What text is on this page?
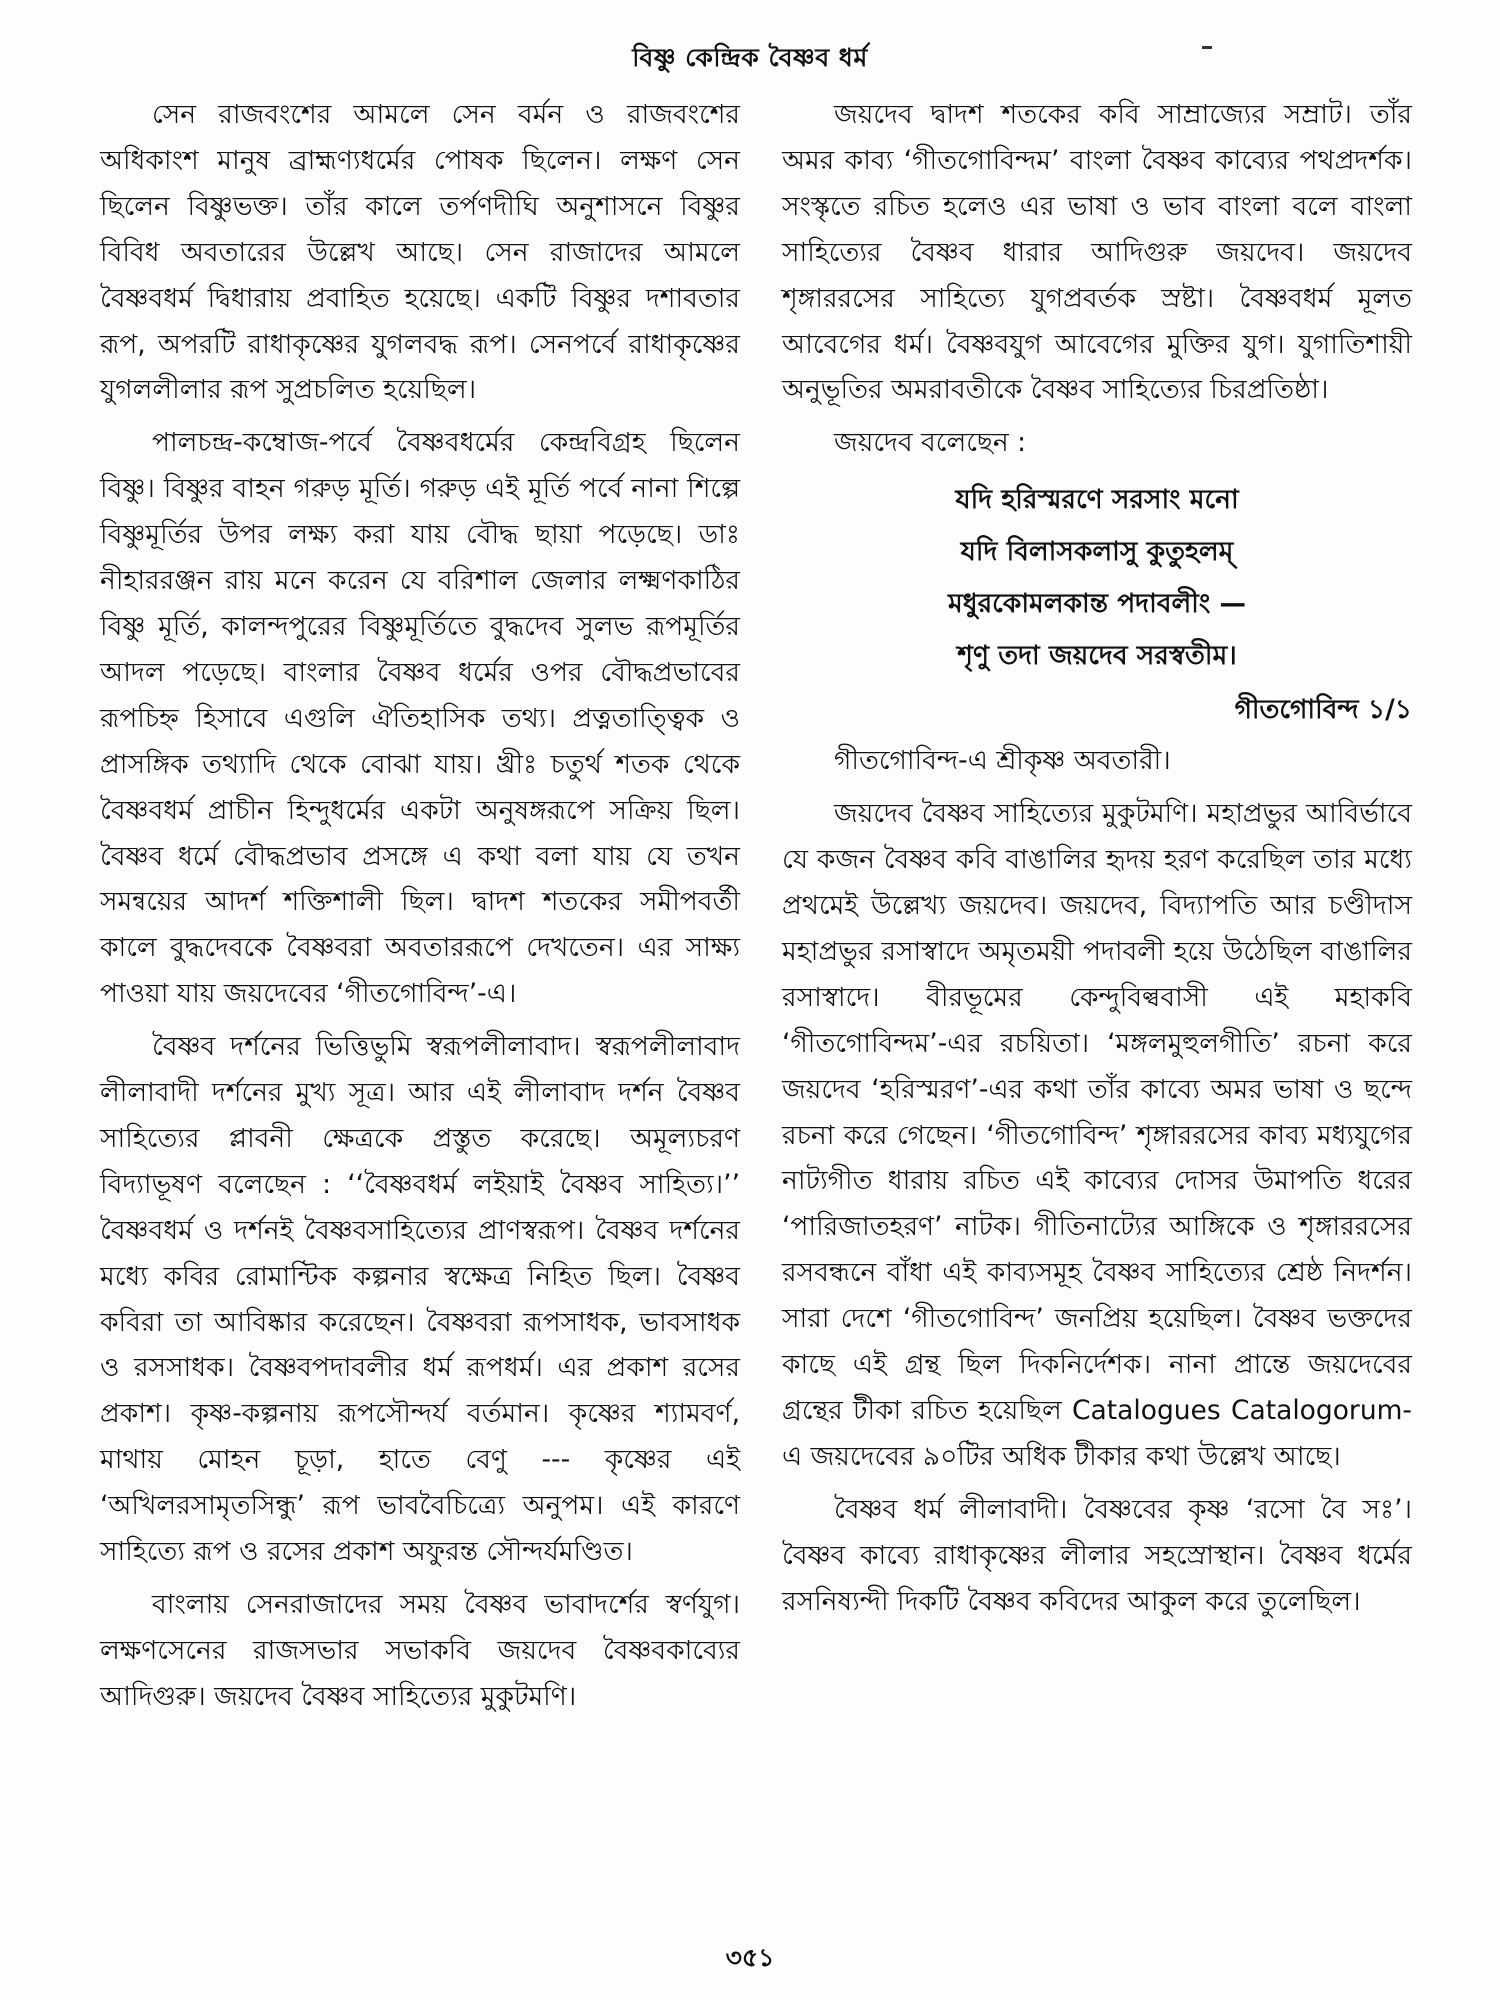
বিষ্ণু কেন্দ্রিক বৈষ্ণব ধর্ম

সেন রাজবংশের আমলে সেন বর্মন ও রাজবংশের অধিকাংশ মানুষ ব্রাহ্মণ্যধর্মের পোষক ছিলেন। লক্ষণ সেন ছিলেন বিষ্ণুভক্ত। তাঁর কালে তর্পণদীঘি অনুশাসনে বিষ্ণুর বিবিধ অবতারের উল্লেখ আছে। সেন রাজাদের আমলে বৈষ্ণবধর্ম দ্বিধারায় প্রবাহিত হয়েছে। একটি বিষ্ণুর দশাবতার রূপ, অপরটি রাধাকৃষ্ণের যুগলবদ্ধ রূপ। সেনপর্বে রাধাকৃষ্ণের যুগললীলার রূপ সুপ্রচলিত হয়েছিল।

পালচন্দ্র-কম্বোজ-পর্বে বৈষ্ণবধর্মের কেন্দ্রবিগ্রহ ছিলেন বিষ্ণু। বিষ্ণুর বাহন গরুড় মূর্তি। গরুড় এই মূর্তি পর্বে নানা শিল্পে বিষ্ণুমূর্তির উপর লক্ষ্য করা যায় বৌদ্ধ ছায়া পড়েছে। ডাঃ নীহাররঞ্জন রায় মনে করেন যে বরিশাল জেলার লক্ষ্মণকাঠির বিষ্ণু মূর্তি, কালন্দপুরের বিষ্ণুমূর্তিতে বুদ্ধদেব সুলভ রূপমূর্তির আদল পড়েছে। বাংলার বৈষ্ণব ধর্মের ওপর বৌদ্ধপ্রভাবের রূপচিহ্ন হিসাবে এগুলি ঐতিহাসিক তথ্য। প্রত্নতাত্ত্বিক ও প্রাসঙ্গিক তথ্যাদি থেকে বোঝা যায়। খ্রীঃ চতুর্থ শতক থেকে বৈষ্ণবধর্ম প্রাচীন হিন্দুধর্মের একটা অনুষঙ্গরূপে সক্রিয় ছিল। বৈষ্ণব ধর্মে বৌদ্ধপ্রভাব প্রসঙ্গে এ কথা বলা যায় যে তখন সমন্বয়ের আদর্শ শক্তিশালী ছিল। দ্বাদশ শতকের সমীপবর্তী কালে বুদ্ধদেবকে বৈষ্ণবরা অবতাররূপে দেখতেন। এর সাক্ষ্য পাওয়া যায় জয়দেবের ‘গীতগোবিন্দ’-এ।

বৈষ্ণব দর্শনের ভিত্তিভুমি স্বরূপলীলাবাদ। স্বরূপলীলাবাদ লীলাবাদী দর্শনের মুখ্য সূত্র। আর এই লীলাবাদ দর্শন বৈষ্ণব সাহিত্যের প্লাবনী ক্ষেত্রকে প্রস্তুত করেছে। অমূল্যচরণ বিদ্যাভূষণ বলেছেন : ‘‘বৈষ্ণবধর্ম লইয়াই বৈষ্ণব সাহিত্য।’’ বৈষ্ণবধর্ম ও দর্শনই বৈষ্ণবসাহিত্যের প্রাণস্বরূপ। বৈষ্ণব দর্শনের মধ্যে কবির রোমান্টিক কল্পনার স্বক্ষেত্র নিহিত ছিল। বৈষ্ণব কবিরা তা আবিষ্কার করেছেন। বৈষ্ণবরা রূপসাধক, ভাবসাধক ও রসসাধক। বৈষ্ণবপদাবলীর ধর্ম রূপধর্ম। এর প্রকাশ রসের প্রকাশ। কৃষ্ণ-কল্পনায় রূপসৌন্দর্য বর্তমান। কৃষ্ণের শ্যামবর্ণ, মাথায় মোহন চূড়া, হাতে বেণু --- কৃষ্ণের এই ‘অখিলরসামৃতসিন্ধু’ রূপ ভাববৈচিত্র্যে অনুপম। এই কারণে সাহিত্যে রূপ ও রসের প্রকাশ অফুরন্ত সৌন্দর্যমণ্ডিত।

বাংলায় সেনরাজাদের সময় বৈষ্ণব ভাবাদর্শের স্বর্ণযুগ। লক্ষণসেনের রাজসভার সভাকবি জয়দেব বৈষ্ণবকাব্যের আদিগুরু। জয়দেব বৈষ্ণব সাহিত্যের মুকুটমণি।

জয়দেব দ্বাদশ শতকের কবি সাম্রাজ্যের সম্রাট। তাঁর অমর কাব্য ‘গীতগোবিন্দম’ বাংলা বৈষ্ণব কাব্যের পথপ্রদর্শক। সংস্কৃতে রচিত হলেও এর ভাষা ও ভাব বাংলা বলে বাংলা সাহিত্যের বৈষ্ণব ধারার আদিগুরু জয়দেব। জয়দেব শৃঙ্গাররসের সাহিত্যে যুগপ্রবর্তক স্রষ্টা। বৈষ্ণবধর্ম মূলত আবেগের ধর্ম। বৈষ্ণবযুগ আবেগের মুক্তির যুগ। যুগাতিশায়ী অনুভূতির অমরাবতীকে বৈষ্ণব সাহিত্যের চিরপ্রতিষ্ঠা।

জয়দেব বলেছেন :

যদি হরিস্মরণে সরসাং মনো
যদি বিলাসকলাসু কুতুহলম্
মধুরকোমলকান্ত পদাবলীং —
শৃণু তদা জয়দেব সরস্বতীম।
গীতগোবিন্দ ১/১

গীতগোবিন্দ-এ শ্রীকৃষ্ণ অবতারী।

জয়দেব বৈষ্ণব সাহিত্যের মুকুটমণি। মহাপ্রভুর আবির্ভাবে যে কজন বৈষ্ণব কবি বাঙালির হৃদয় হরণ করেছিল তার মধ্যে প্রথমেই উল্লেখ্য জয়দেব। জয়দেব, বিদ্যাপতি আর চণ্ডীদাস মহাপ্রভুর রসাস্বাদে অমৃতময়ী পদাবলী হয়ে উঠেছিল বাঙালির রসাস্বাদে। বীরভূমের কেন্দুবিল্ববাসী এই মহাকবি ‘গীতগোবিন্দম’-এর রচয়িতা। ‘মঙ্গলমুহুলগীতি’ রচনা করে জয়দেব ‘হরিস্মরণ’-এর কথা তাঁর কাব্যে অমর ভাষা ও ছন্দে রচনা করে গেছেন। ‘গীতগোবিন্দ’ শৃঙ্গাররসের কাব্য মধ্যযুগের নাট্যগীত ধারায় রচিত এই কাব্যের দোসর উমাপতি ধরের ‘পারিজাতহরণ’ নাটক। গীতিনাট্যের আঙ্গিকে ও শৃঙ্গাররসের রসবন্ধনে বাঁধা এই কাব্যসমূহ বৈষ্ণব সাহিত্যের শ্রেষ্ঠ নিদর্শন। সারা দেশে ‘গীতগোবিন্দ’ জনপ্রিয় হয়েছিল। বৈষ্ণব ভক্তদের কাছে এই গ্রন্থ ছিল দিকনির্দেশক। নানা প্রান্তে জয়দেবের গ্রন্থের টীকা রচিত হয়েছিল Catalogues Catalogorum-এ জয়দেবের ৯০টির অধিক টীকার কথা উল্লেখ আছে।

বৈষ্ণব ধর্ম লীলাবাদী। বৈষ্ণবের কৃষ্ণ ‘রসো বৈ সঃ’। বৈষ্ণব কাব্যে রাধাকৃষ্ণের লীলার সহস্রোস্থান। বৈষ্ণব ধর্মের রসনিষ্যন্দী দিকটি বৈষ্ণব কবিদের আকুল করে তুলেছিল।

৩৫১
